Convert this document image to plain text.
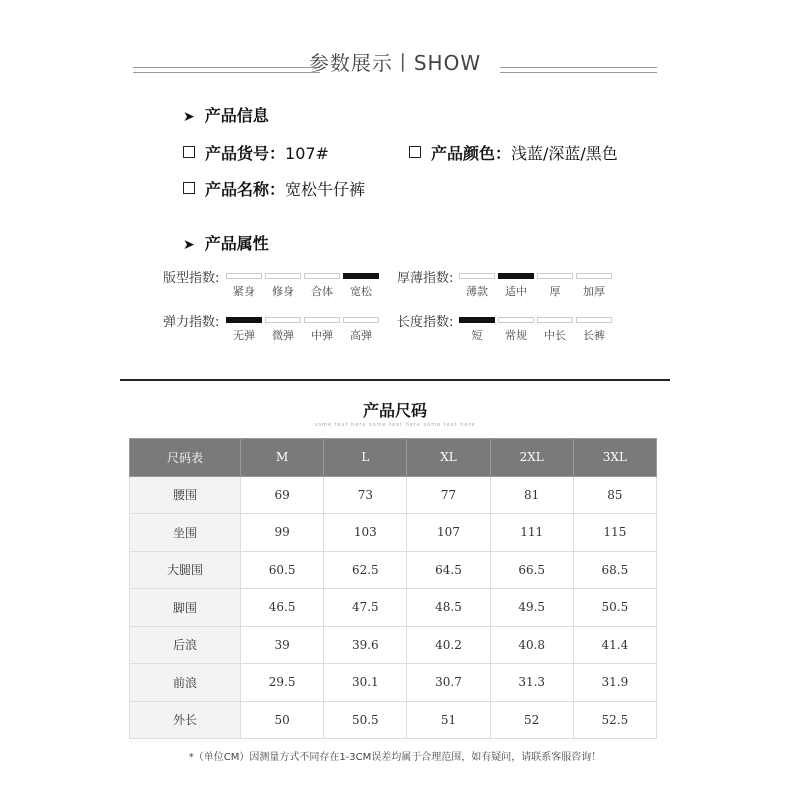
参数展示丨SHOW
➤ 产品信息
产品货号：107#	产品颜色：浅蓝/深蓝/黑色
产品名称：宽松牛仔裤
➤ 产品属性
版型指数:
紧身	修身	合体	宽松
厚薄指数:
薄款	适中	厚	加厚
弹力指数:
无弹	微弹	中弹	高弹
长度指数:
短	常规	中长	长裤
产品尺码
some text here some text here some text here
尺码表	M	L	XL	2XL	3XL
腰围	69	73	77	81	85
坐围	99	103	107	111	115
大腿围	60.5	62.5	64.5	66.5	68.5
脚围	46.5	47.5	48.5	49.5	50.5
后浪	39	39.6	40.2	40.8	41.4
前浪	29.5	30.1	30.7	31.3	31.9
外长	50	50.5	51	52	52.5
*（单位CM）因测量方式不同存在1-3CM误差均属于合理范围，如有疑问，请联系客服咨询！
